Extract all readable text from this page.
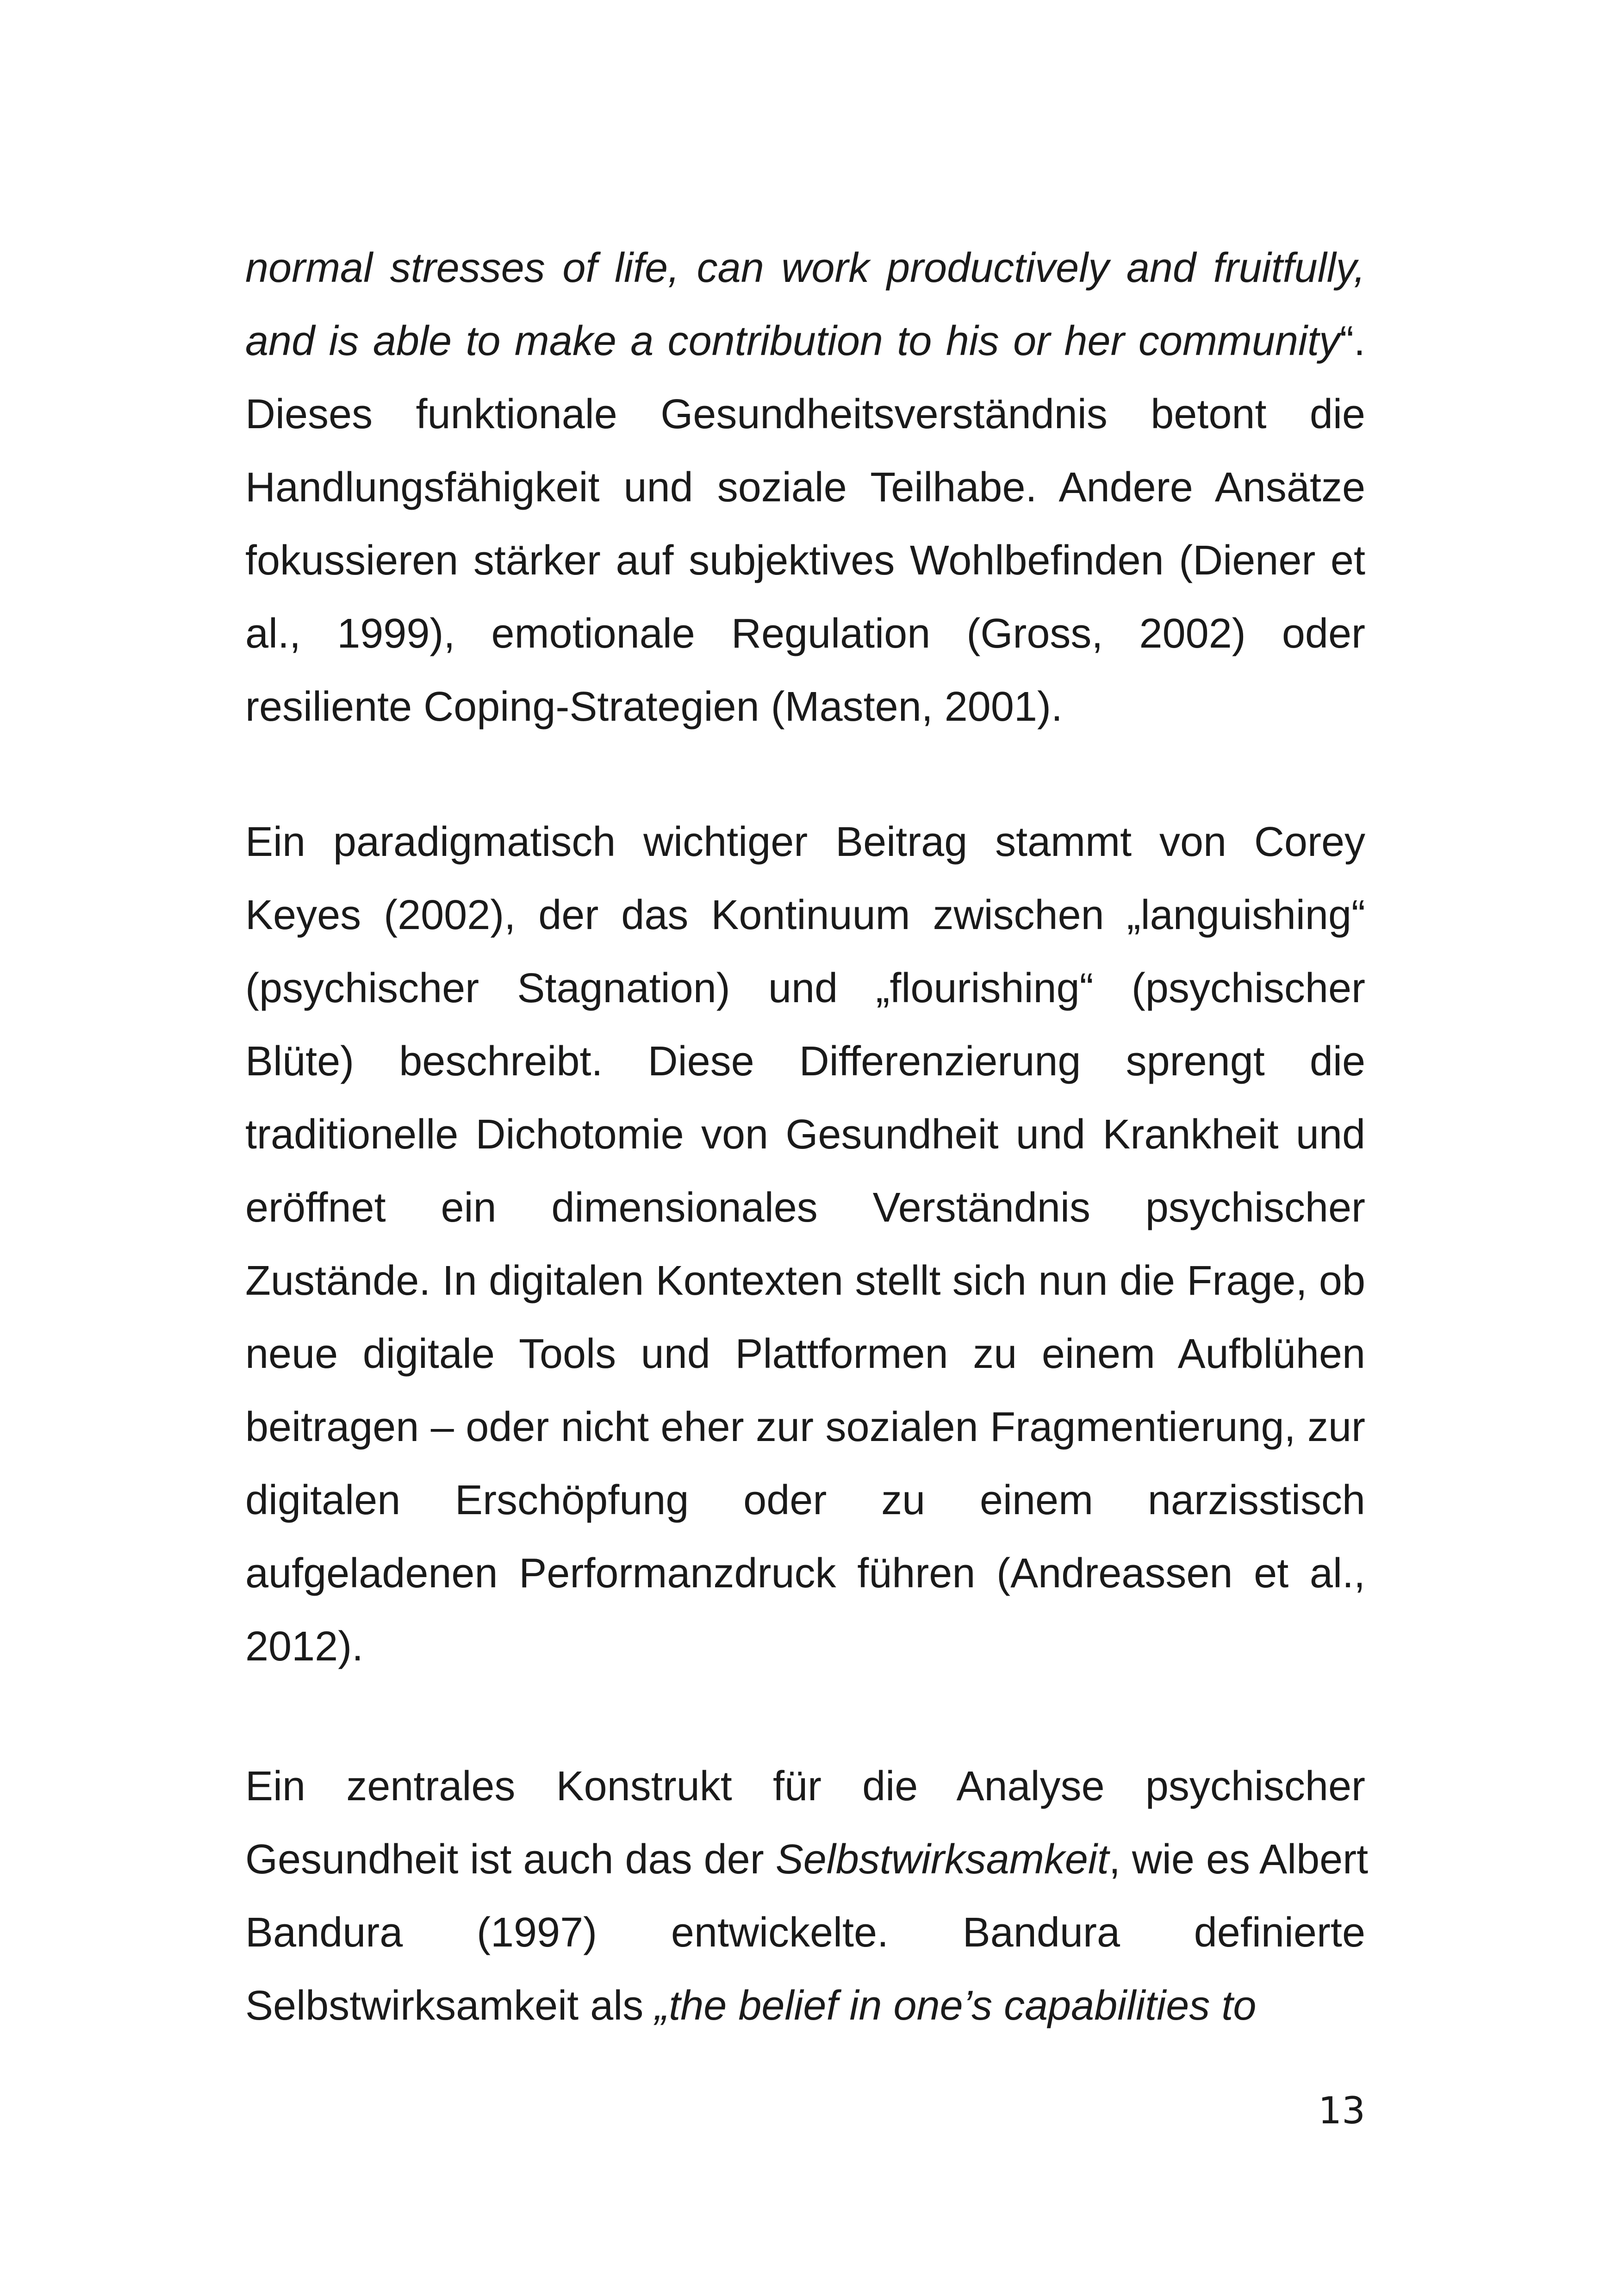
normal stresses of life, can work productively and fruitfully,
and is able to make a contribution to his or her community“.
Dieses funktionale Gesundheitsverständnis betont die
Handlungsfähigkeit und soziale Teilhabe. Andere Ansätze
fokussieren stärker auf subjektives Wohlbefinden (Diener et
al., 1999), emotionale Regulation (Gross, 2002) oder
resiliente Coping-Strategien (Masten, 2001).
Ein paradigmatisch wichtiger Beitrag stammt von Corey
Keyes (2002), der das Kontinuum zwischen „languishing“
(psychischer Stagnation) und „flourishing“ (psychischer
Blüte) beschreibt. Diese Differenzierung sprengt die
traditionelle Dichotomie von Gesundheit und Krankheit und
eröffnet ein dimensionales Verständnis psychischer
Zustände. In digitalen Kontexten stellt sich nun die Frage, ob
neue digitale Tools und Plattformen zu einem Aufblühen
beitragen – oder nicht eher zur sozialen Fragmentierung, zur
digitalen Erschöpfung oder zu einem narzisstisch
aufgeladenen Performanzdruck führen (Andreassen et al.,
2012).
Ein zentrales Konstrukt für die Analyse psychischer
Gesundheit ist auch das der Selbstwirksamkeit, wie es Albert
Bandura (1997) entwickelte. Bandura definierte
Selbstwirksamkeit als „the belief in one’s capabilities to
13
